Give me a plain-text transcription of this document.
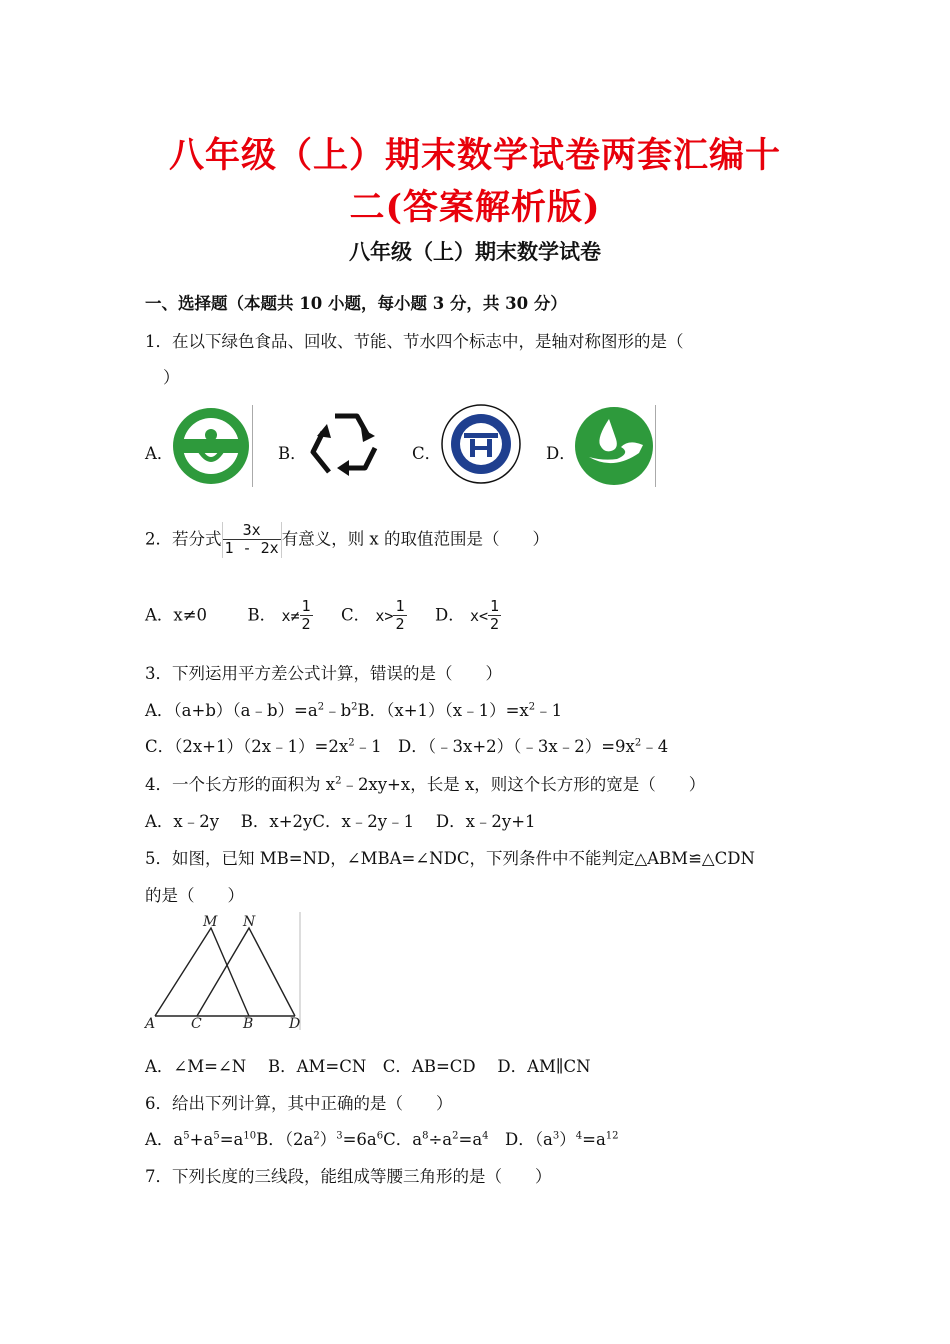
八年级（上）期末数学试卷两套汇编十
二(答案解析版)
八年级（上）期末数学试卷
一、选择题（本题共 10 小题，每小题 3 分，共 30 分）
1．在以下绿色食品、回收、节能、节水四个标志中，是轴对称图形的是（
）
A．	B．	C．	D．
2．若分式 $\frac{3x}{1 - 2x}$ 有意义，则 x 的取值范围是（　　）
A．x≠0 B． $x\ne \frac{1}{2}$ C． $x> \frac{1}{2}$ D． $x< \frac{1}{2}$
3．下列运用平方差公式计算，错误的是（　　）
A．$(a+b)(a﹣b)=a^2﹣b^2B$．$(x+1)(x﹣1)=x^2﹣1$
C．$(2x+1)(2x﹣1)=2x^2﹣1$　D．$(﹣3x+2)(﹣3x﹣2)=9x^2﹣4$
4．一个长方形的面积为 $x^2﹣2xy+x$，长是 x，则这个长方形的宽是（　　）
A．x﹣2y　 B．x+2yC．x﹣2y﹣1　 D．x﹣2y+1
5．如图，已知 MB=ND，∠MBA=∠NDC，下列条件中不能判定△ABM≌△CDN
的是（　　）
M N
A	C	B	D
A．∠M=∠N　 B．AM=CN　C．AB=CD　 D．AM∥CN
6．给出下列计算，其中正确的是（　　）
A．$a^5+a^5=a^{10}B$．$(2a^2)^3=6a^6C$．$a^8\div a^2=a^4$　D．$(a^3)^4=a^{12}$
7．下列长度的三线段，能组成等腰三角形的是（　　）
